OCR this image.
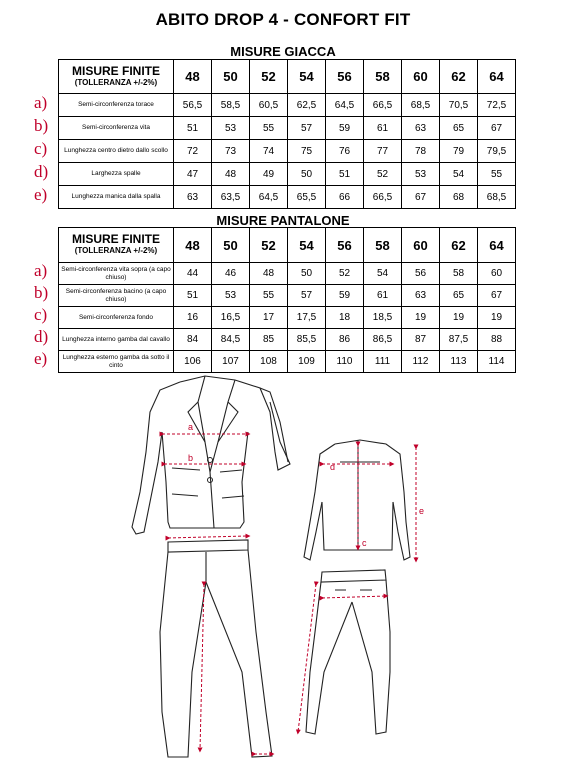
ABITO DROP 4 - CONFORT FIT
MISURE GIACCA
a)
b)
c)
d)
e)
MISURE FINITE
(TOLLERANZA +/-2%)	48	50	52	54	56	58	60	62	64
Semi-circonferenza torace	56,5	58,5	60,5	62,5	64,5	66,5	68,5	70,5	72,5
Semi-circonferenza vita	51	53	55	57	59	61	63	65	67
Lunghezza centro dietro dallo scollo	72	73	74	75	76	77	78	79	79,5
Larghezza spalle	47	48	49	50	51	52	53	54	55
Lunghezza manica dalla spalla	63	63,5	64,5	65,5	66	66,5	67	68	68,5
MISURE PANTALONE
a)
b)
c)
d)
e)
MISURE FINITE
(TOLLERANZA +/-2%)	48	50	52	54	56	58	60	62	64
Semi-circonferenza vita sopra (a capo chiuso)	44	46	48	50	52	54	56	58	60
Semi-circonferenza bacino (a capo chiuso)	51	53	55	57	59	61	63	65	67
Semi-circonferenza fondo	16	16,5	17	17,5	18	18,5	19	19	19
Lunghezza interno gamba dal cavallo	84	84,5	85	85,5	86	86,5	87	87,5	88
Lunghezza esterno gamba da sotto il cinto	106	107	108	109	110	111	112	113	114
a
b
d
c
e
